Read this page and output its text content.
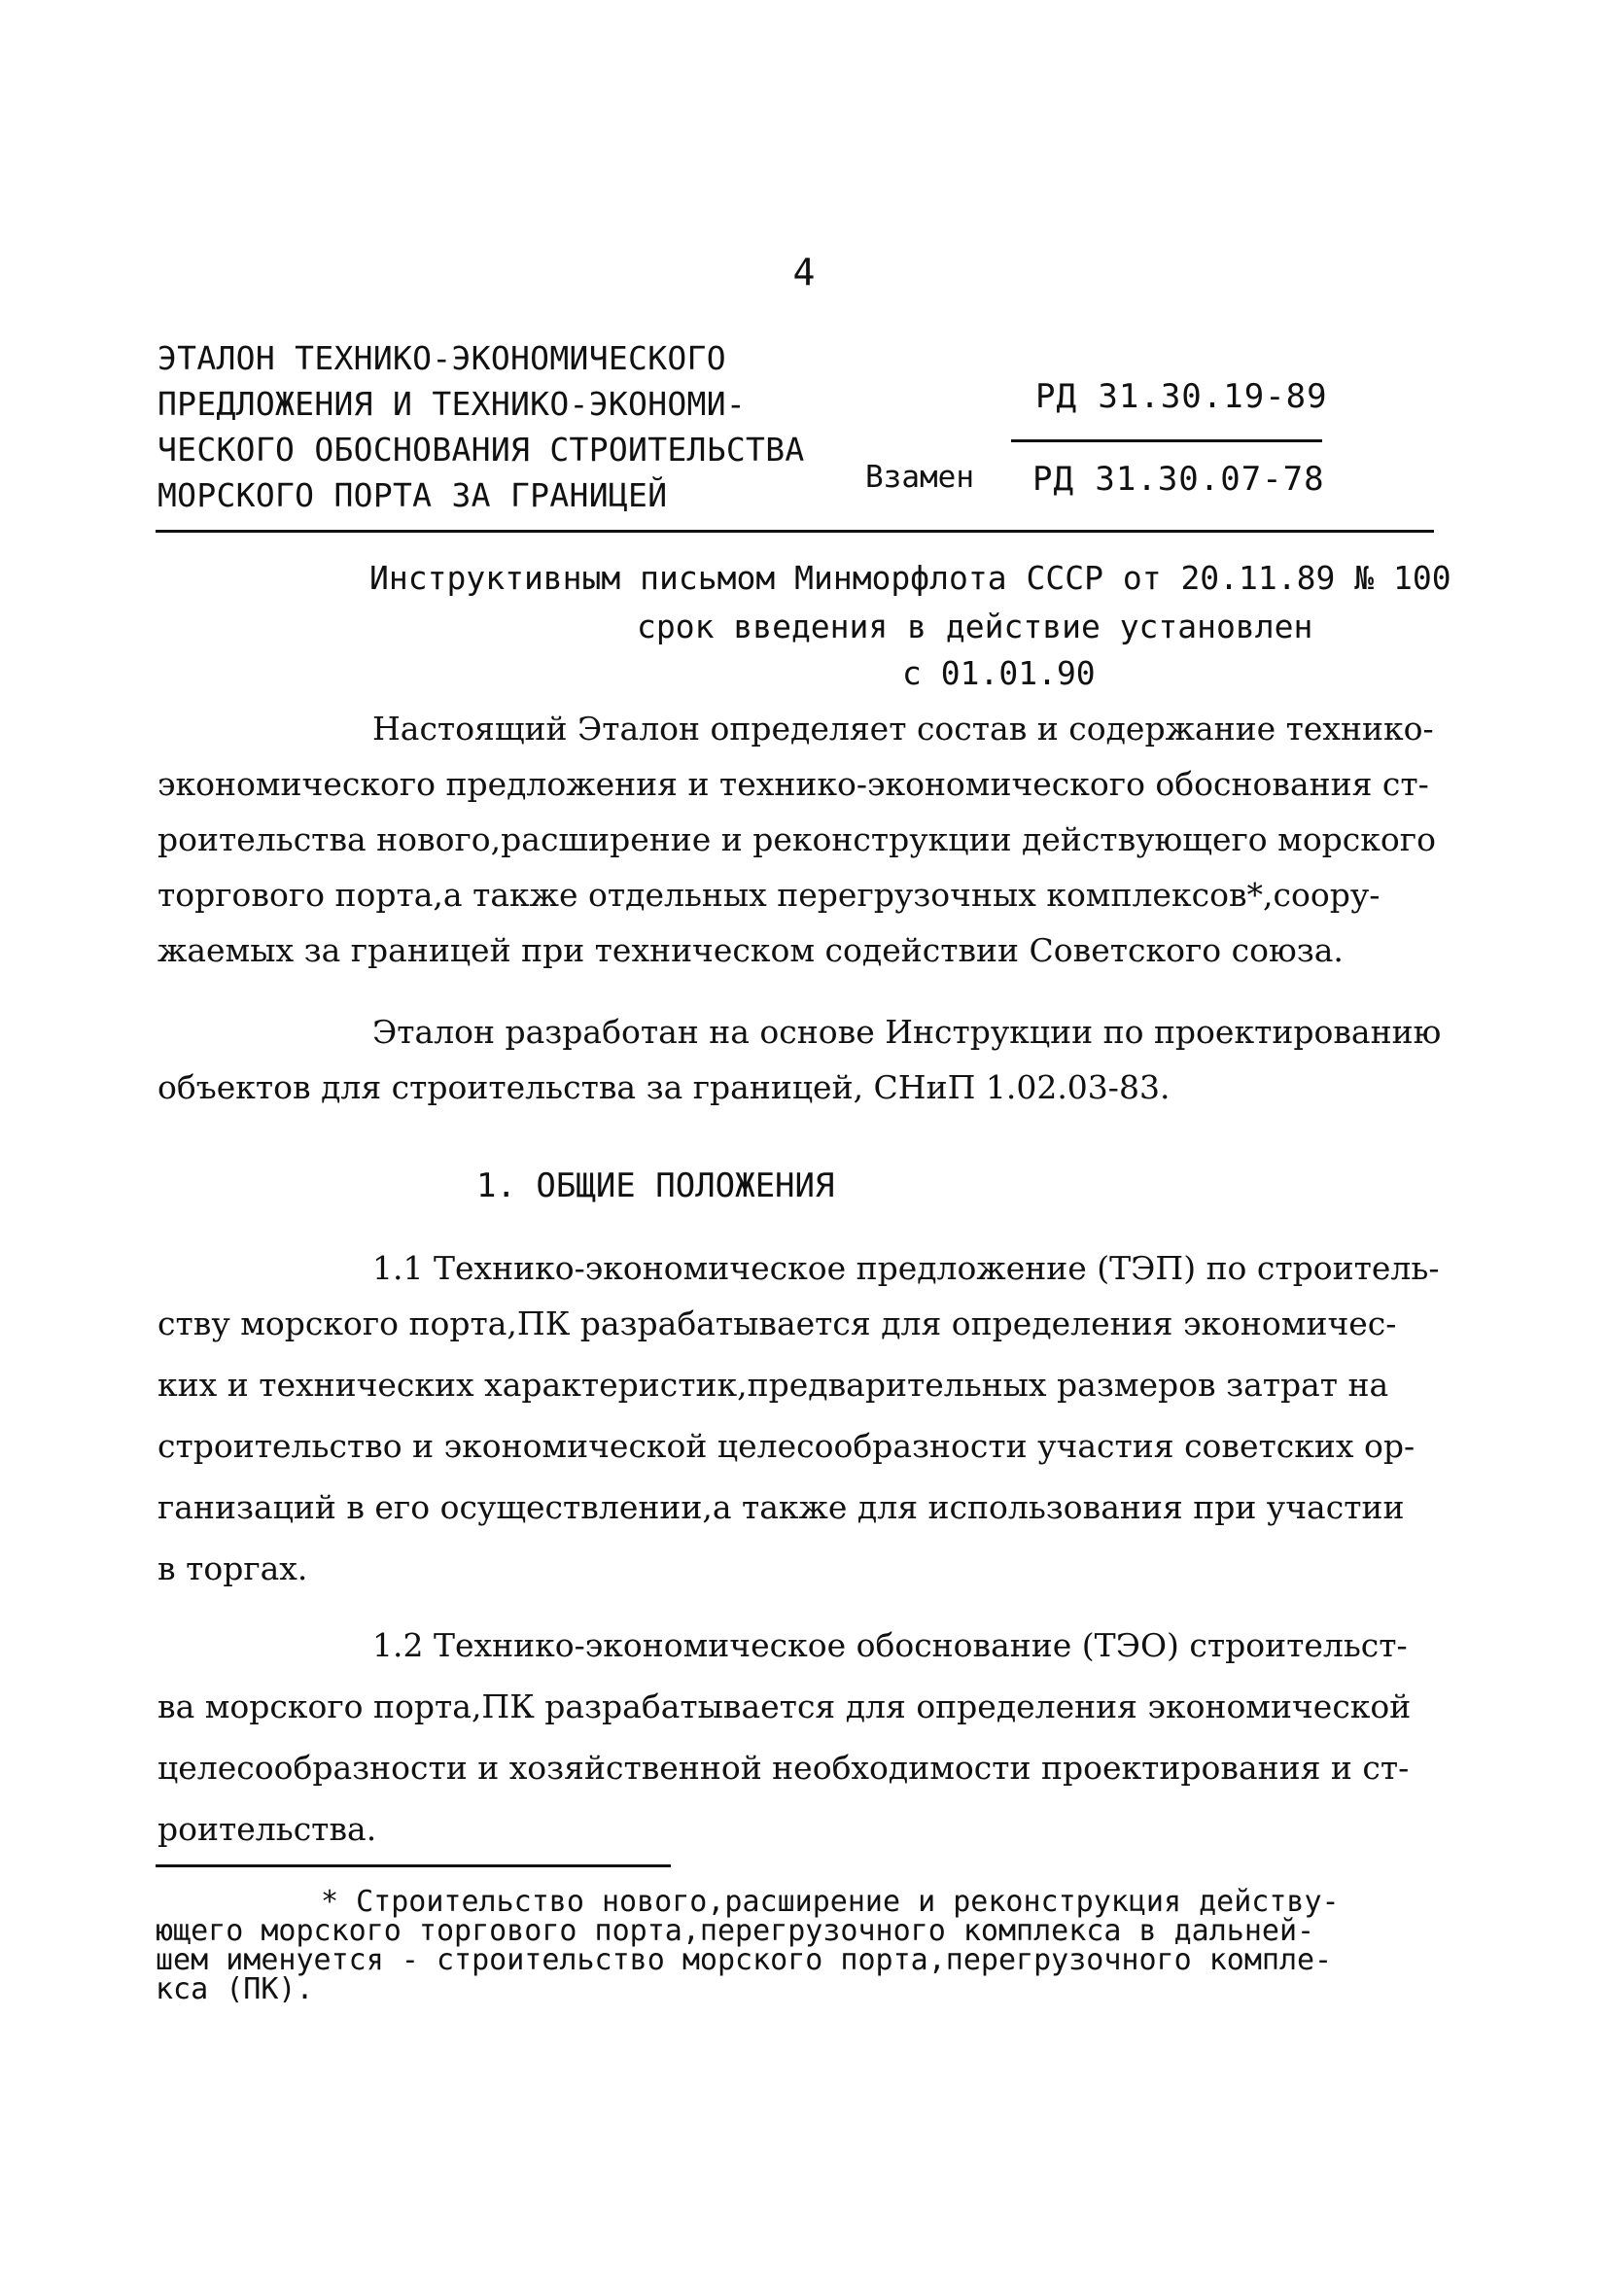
4
ЭТАЛОН ТЕХНИКО-ЭКОНОМИЧЕСКОГО
ПРЕДЛОЖЕНИЯ И ТЕХНИКО-ЭКОНОМИ-
ЧЕСКОГО ОБОСНОВАНИЯ СТРОИТЕЛЬСТВА
МОРСКОГО ПОРТА ЗА ГРАНИЦЕЙ
РД 31.30.19-89
Взамен РД 31.30.07-78
Инструктивным письмом Минморфлота СССР от 20.11.89 № 100
срок введения в действие установлен
с 01.01.90
Настоящий Эталон определяет состав и содержание технико-
экономического предложения и технико-экономического обоснования ст-
роительства нового,расширение и реконструкции действующего морского
торгового порта,а также отдельных перегрузочных комплексов*,соору-
жаемых за границей при техническом содействии Советского союза.
Эталон разработан на основе Инструкции по проектированию
объектов для строительства за границей, СНиП 1.02.03-83.
1. ОБЩИЕ ПОЛОЖЕНИЯ
1.1 Технико-экономическое предложение (ТЭП) по строитель-
ству морского порта,ПК разрабатывается для определения экономичес-
ких и технических характеристик,предварительных размеров затрат на
строительство и экономической целесообразности участия советских ор-
ганизаций в его осуществлении,а также для использования при участии
в торгах.
1.2 Технико-экономическое обоснование (ТЭО) строительст-
ва морского порта,ПК разрабатывается для определения экономической
целесообразности и хозяйственной необходимости проектирования и ст-
роительства.
* Строительство нового,расширение и реконструкция действу-
ющего морского торгового порта,перегрузочного комплекса в дальней-
шем именуется - строительство морского порта,перегрузочного компле-
кса (ПК).
